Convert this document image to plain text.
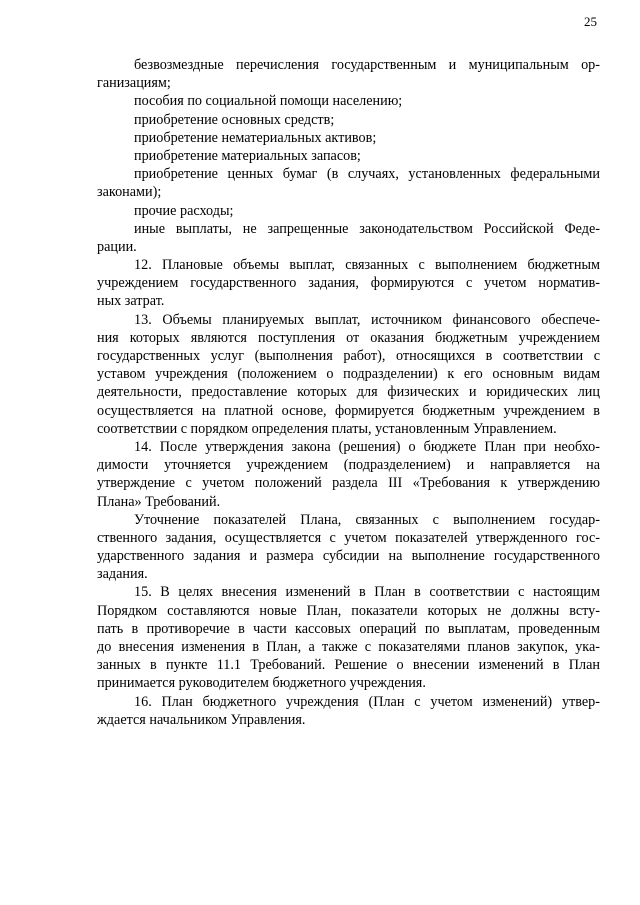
25
безвозмездные перечисления государственным и муниципальным ор-
ганизациям;
пособия по социальной помощи населению;
приобретение основных средств;
приобретение нематериальных активов;
приобретение материальных запасов;
приобретение ценных бумаг (в случаях, установленных федеральными
законами);
прочие расходы;
иные выплаты, не запрещенные законодательством Российской Феде-
рации.
12. Плановые объемы выплат, связанных с выполнением бюджетным
учреждением государственного задания, формируются с учетом норматив-
ных затрат.
13. Объемы планируемых выплат, источником финансового обеспече-
ния которых являются поступления от оказания бюджетным учреждением
государственных услуг (выполнения работ), относящихся в соответствии с
уставом учреждения (положением о подразделении) к его основным видам
деятельности, предоставление которых для физических и юридических лиц
осуществляется на платной основе, формируется бюджетным учреждением в
соответствии с порядком определения платы, установленным Управлением.
14. После утверждения закона (решения) о бюджете План при необхо-
димости уточняется учреждением (подразделением) и направляется на
утверждение с учетом положений раздела III «Требования к утверждению
Плана» Требований.
Уточнение показателей Плана, связанных с выполнением государ-
ственного задания, осуществляется с учетом показателей утвержденного гос-
ударственного задания и размера субсидии на выполнение государственного
задания.
15. В целях внесения изменений в План в соответствии с настоящим
Порядком составляются новые План, показатели которых не должны всту-
пать в противоречие в части кассовых операций по выплатам, проведенным
до внесения изменения в План, а также с показателями планов закупок, ука-
занных в пункте 11.1 Требований. Решение о внесении изменений в План
принимается руководителем бюджетного учреждения.
16. План бюджетного учреждения (План с учетом изменений) утвер-
ждается начальником Управления.
